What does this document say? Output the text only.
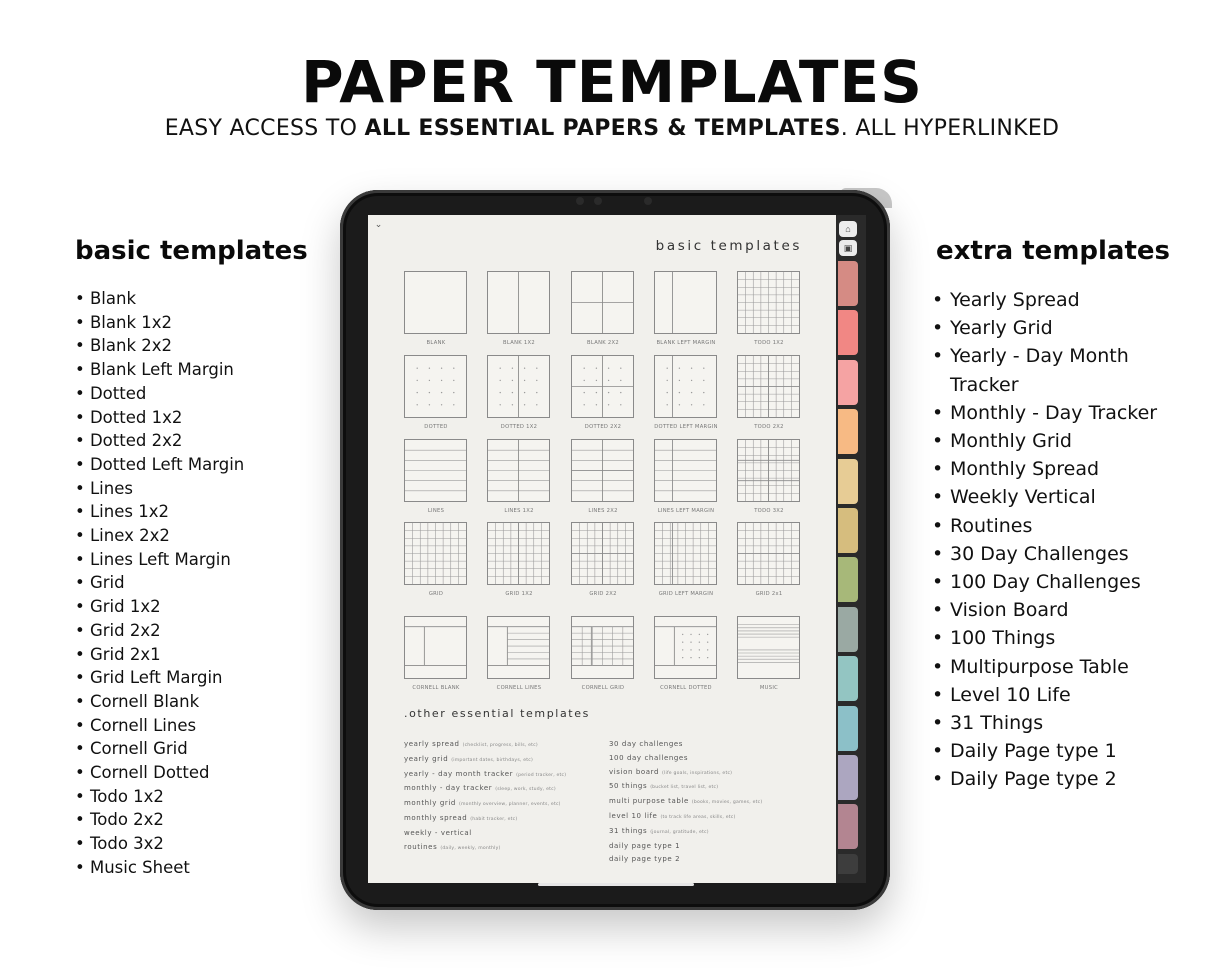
PAPER TEMPLATES
EASY ACCESS TO ALL ESSENTIAL PAPERS & TEMPLATES. ALL HYPERLINKED
basic templates
• Blank
• Blank 1x2
• Blank 2x2
• Blank Left Margin
• Dotted
• Dotted 1x2
• Dotted 2x2
• Dotted Left Margin
• Lines
• Lines 1x2
• Linex 2x2
• Lines Left Margin
• Grid
• Grid 1x2
• Grid 2x2
• Grid 2x1
• Grid Left Margin
• Cornell Blank
• Cornell Lines
• Cornell Grid
• Cornell Dotted
• Todo 1x2
• Todo 2x2
• Todo 3x2
• Music Sheet
extra templates
• Yearly Spread
• Yearly Grid
• Yearly - Day Month Tracker
• Monthly - Day Tracker
• Monthly Grid
• Monthly Spread
• Weekly Vertical
• Routines
• 30 Day Challenges
• 100 Day Challenges
• Vision Board
• 100 Things
• Multipurpose Table
• Level 10 Life
• 31 Things
• Daily Page type 1
• Daily Page type 2
⌂
▣
⌄
basic templates
BLANK	BLANK 1X2	BLANK 2X2	BLANK LEFT MARGIN	TODO 1X2
DOTTED	DOTTED 1X2	DOTTED 2X2	DOTTED LEFT MARGIN	TODO 2X2
LINES	LINES 1X2	LINES 2X2	LINES LEFT MARGIN	TODO 3X2
GRID	GRID 1X2	GRID 2X2	GRID LEFT MARGIN	GRID 2x1
CORNELL BLANK	CORNELL LINES	CORNELL GRID	CORNELL DOTTED	MUSIC
.other essential templates
yearly spread (checklist, progress, bills, etc)
yearly grid (important dates, birthdays, etc)
yearly - day month tracker (period tracker, etc)
monthly - day tracker (sleep, work, study, etc)
monthly grid (monthly overview, planner, events, etc)
monthly spread (habit tracker, etc)
weekly - vertical
routines (daily, weekly, monthly)
30 day challenges
100 day challenges
vision board (life goals, inspirations, etc)
50 things (bucket list, travel list, etc)
multi purpose table (books, movies, games, etc)
level 10 life (to track life areas, skills, etc)
31 things (journal, gratitude, etc)
daily page type 1
daily page type 2
